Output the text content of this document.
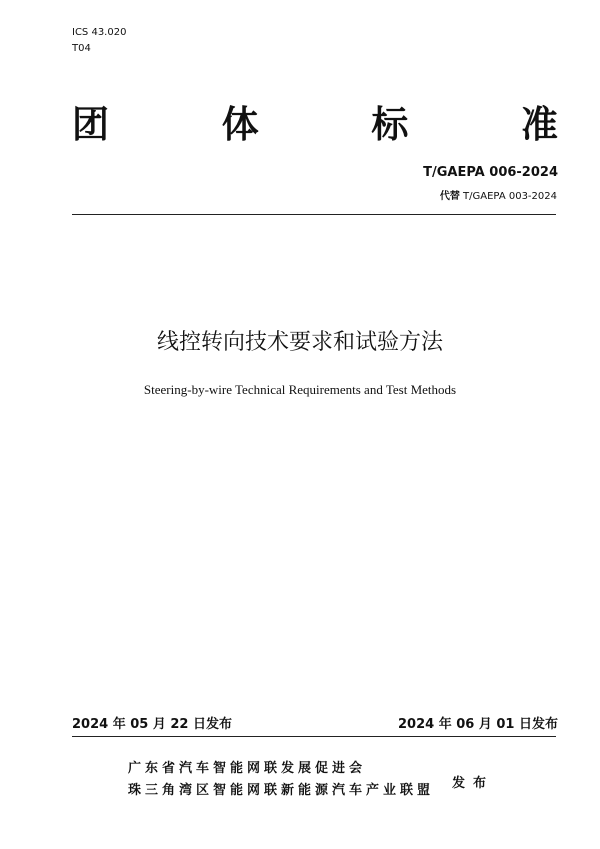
ICS 43.020
T04
团	体	标	准
T/GAEPA 006-2024
代替 T/GAEPA 003-2024
线控转向技术要求和试验方法
Steering-by-wire Technical Requirements and Test Methods
2024 年 05 月 22 日发布	2024 年 06 月 01 日发布
广东省汽车智能网联发展促进会
珠三角湾区智能网联新能源汽车产业联盟 发布
